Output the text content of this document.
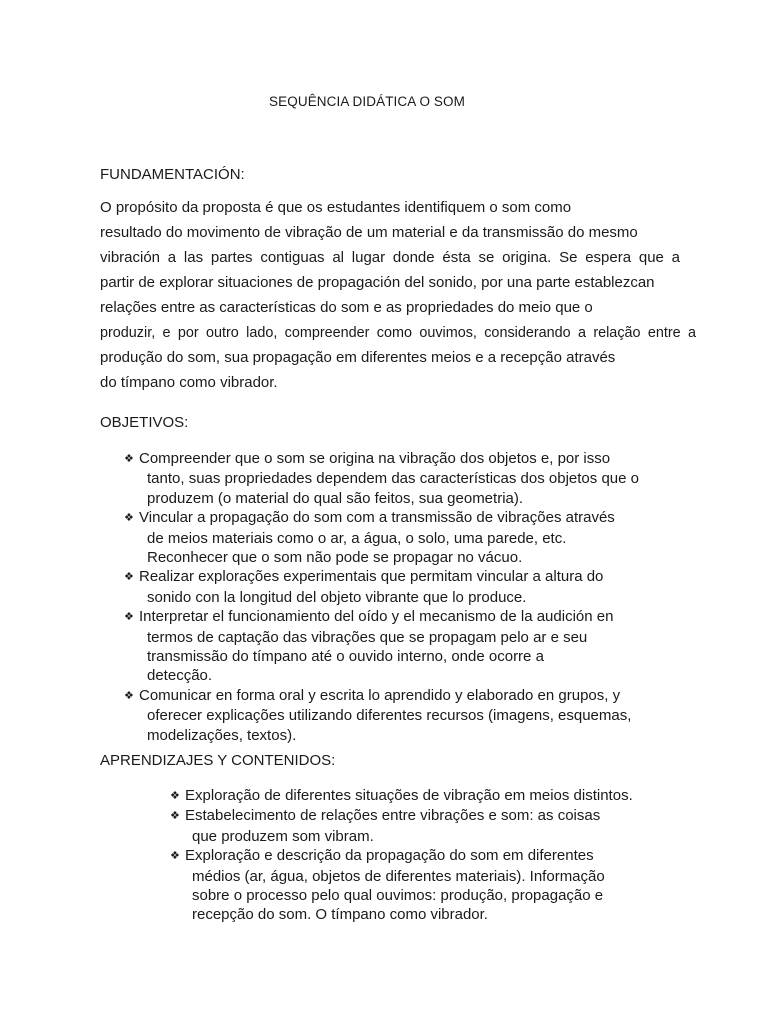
SEQUÊNCIA DIDÁTICA O SOM
FUNDAMENTACIÓN:
O propósito da proposta é que os estudantes identifiquem o som como
resultado do movimento de vibração de um material e da transmissão do mesmo
vibración a las partes contiguas al lugar donde ésta se origina. Se espera que a
partir de explorar situaciones de propagación del sonido, por una parte establezcan
relações entre as características do som e as propriedades do meio que o
produzir, e por outro lado, compreender como ouvimos, considerando a relação entre a
produção do som, sua propagação em diferentes meios e a recepção através
do tímpano como vibrador.
OBJETIVOS:
❖ Compreender que o som se origina na vibração dos objetos e, por isso
tanto, suas propriedades dependem das características dos objetos que o
produzem (o material do qual são feitos, sua geometria).
❖ Vincular a propagação do som com a transmissão de vibrações através
de meios materiais como o ar, a água, o solo, uma parede, etc.
Reconhecer que o som não pode se propagar no vácuo.
❖ Realizar explorações experimentais que permitam vincular a altura do
sonido con la longitud del objeto vibrante que lo produce.
❖ Interpretar el funcionamiento del oído y el mecanismo de la audición en
termos de captação das vibrações que se propagam pelo ar e seu
transmissão do tímpano até o ouvido interno, onde ocorre a
detecção.
❖ Comunicar en forma oral y escrita lo aprendido y elaborado en grupos, y
oferecer explicações utilizando diferentes recursos (imagens, esquemas,
modelizações, textos).
APRENDIZAJES Y CONTENIDOS:
❖ Exploração de diferentes situações de vibração em meios distintos.
❖ Estabelecimento de relações entre vibrações e som: as coisas
que produzem som vibram.
❖ Exploração e descrição da propagação do som em diferentes
médios (ar, água, objetos de diferentes materiais). Informação
sobre o processo pelo qual ouvimos: produção, propagação e
recepção do som. O tímpano como vibrador.
